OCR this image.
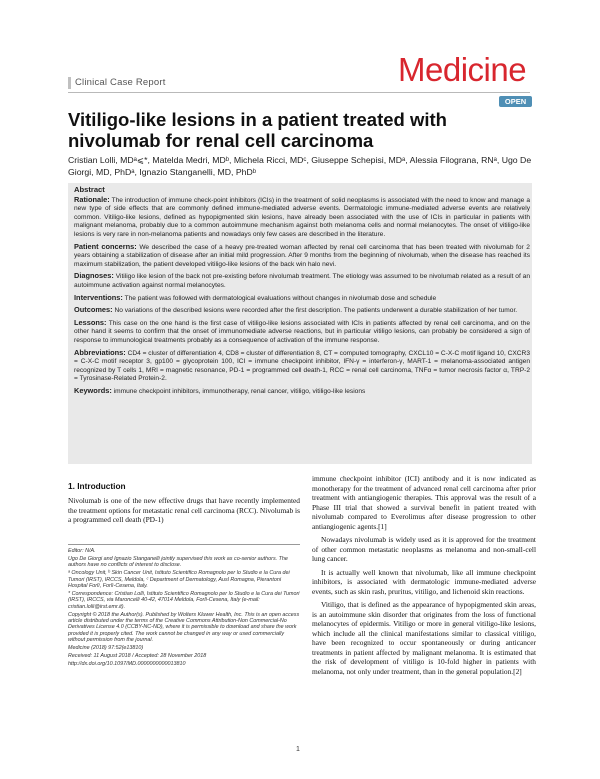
Clinical Case Report	Medicine
OPEN
Vitiligo-like lesions in a patient treated with nivolumab for renal cell carcinoma
Cristian Lolli, MDᵃ⩽*, Matelda Medri, MDᵇ, Michela Ricci, MDᶜ, Giuseppe Schepisi, MDᵃ, Alessia Filograna, RNᵃ, Ugo De Giorgi, MD, PhDᵃ, Ignazio Stanganelli, MD, PhDᵇ

Abstract

Rationale: The introduction of immune check-point inhibitors (ICIs) in the treatment of solid neoplasms is associated with the need to know and manage a new type of side effects that are commonly defined immune-mediated adverse events. Dermatologic immune-mediated adverse events are relatively common. Vitiligo-like lesions, defined as hypopigmented skin lesions, have already been associated with the use of ICIs in particular in patients with malignant melanoma, probably due to a common autoimmune mechanism against both melanoma cells and normal melanocytes. The onset of vitiligo-like lesions is very rare in non-melanoma patients and nowadays only few cases are described in the literature.

Patient concerns: We described the case of a heavy pre-treated woman affected by renal cell carcinoma that has been treated with nivolumab for 2 years obtaining a stabilization of disease after an initial mild progression. After 9 months from the beginning of nivolumab, when the disease has reached its maximum stabilization, the patient developed vitiligo-like lesions of the back win halo nevi.

Diagnoses: Vitiligo like lesion of the back not pre-existing before nivolumab treatment. The etiology was assumed to be nivolumab related as a result of an autoimmune activation against normal melanocytes.

Interventions: The patient was followed with dermatological evaluations without changes in nivolumab dose and schedule

Outcomes: No variations of the described lesions were recorded after the first description. The patients underwent a durable stabilization of her tumor.

Lessons: This case on the one hand is the first case of vitiligo-like lesions associated with ICIs in patients affected by renal cell carcinoma, and on the other hand it seems to confirm that the onset of immunomediate adverse reactions, but in particular vitiligo lesions, can probably be considered a sign of response to immunological treatments probably as a consequence of activation of the immune response.

Abbreviations: CD4 = cluster of differentiation 4, CD8 = cluster of differentiation 8, CT = computed tomography, CXCL10 = C-X-C motif ligand 10, CXCR3 = C-X-C motif receptor 3, gp100 = glycoprotein 100, ICI = immune checkpoint inhibitor, IFN-γ = interferon-γ, MART-1 = melanoma-associated antigen recognized by T cells 1, MRI = magnetic resonance, PD-1 = programmed cell death-1, RCC = renal cell carcinoma, TNFα = tumor necrosis factor α, TRP-2 = Tyrosinase-Related Protein-2.

Keywords: immune checkpoint inhibitors, immunotherapy, renal cancer, vitiligo, vitiligo-like lesions

1. Introduction

Nivolumab is one of the new effective drugs that have recently implemented the treatment options for metastatic renal cell carcinoma (RCC). Nivolumab is a programmed cell death (PD-1)

Editor: N/A.

Ugo De Giorgi and Ignazio Stanganelli jointly supervised this work as co-senior authors. The authors have no conflicts of interest to disclose.

ᵃ Oncology Unit, ᵇ Skin Cancer Unit, Istituto Scientifico Romagnolo per lo Studio e la Cura dei Tumori (IRST), IRCCS, Meldola, ᶜ Department of Dermatology, Ausl Romagna, Pierantoni Hospital Forlì, Forlì-Cesena, Italy.

* Correspondence: Cristian Lolli, Istituto Scientifico Romagnolo per lo Studio e la Cura dei Tumori (IRST), IRCCS, via Maroncelli 40-42, 47014 Meldola, Forlì-Cesena, Italy (e-mail: cristian.lolli@irst.emr.it).

Copyright © 2018 the Author(s). Published by Wolters Kluwer Health, Inc. This is an open access article distributed under the terms of the Creative Commons Attribution-Non Commercial-No Derivatives License 4.0 (CCBY-NC-ND), where it is permissible to download and share the work provided it is properly cited. The work cannot be changed in any way or used commercially without permission from the journal.

Medicine (2018) 97:52(e13810)

Received: 11 August 2018 / Accepted: 28 November 2018

http://dx.doi.org/10.1097/MD.0000000000013810

immune checkpoint inhibitor (ICI) antibody and it is now indicated as monotherapy for the treatment of advanced renal cell carcinoma after prior treatment with antiangiogenic therapies. This approval was the result of a Phase III trial that showed a survival benefit in patient treated with nivolumab compared to Everolimus after disease progression to other antiangiogenic agents.[1]

Nowadays nivolumab is widely used as it is approved for the treatment of other common metastatic neoplasms as melanoma and non-small-cell lung cancer.

It is actually well known that nivolumab, like all immune checkpoint inhibitors, is associated with dermatologic immune-mediated adverse events, such as skin rash, pruritus, vitiligo, and lichenoid skin reactions.

Vitiligo, that is defined as the appearance of hypopigmented skin areas, is an autoimmune skin disorder that originates from the loss of functional melanocytes of epidermis. Vitiligo or more in general vitiligo-like lesions, which include all the clinical manifestations similar to classical vitiligo, have been recognized to occur spontaneously or during anticancer treatments in patient affected by malignant melanoma. It is estimated that the risk of development of vitiligo is 10-fold higher in patients with melanoma, not only under treatment, than in the general population.[2]

1
